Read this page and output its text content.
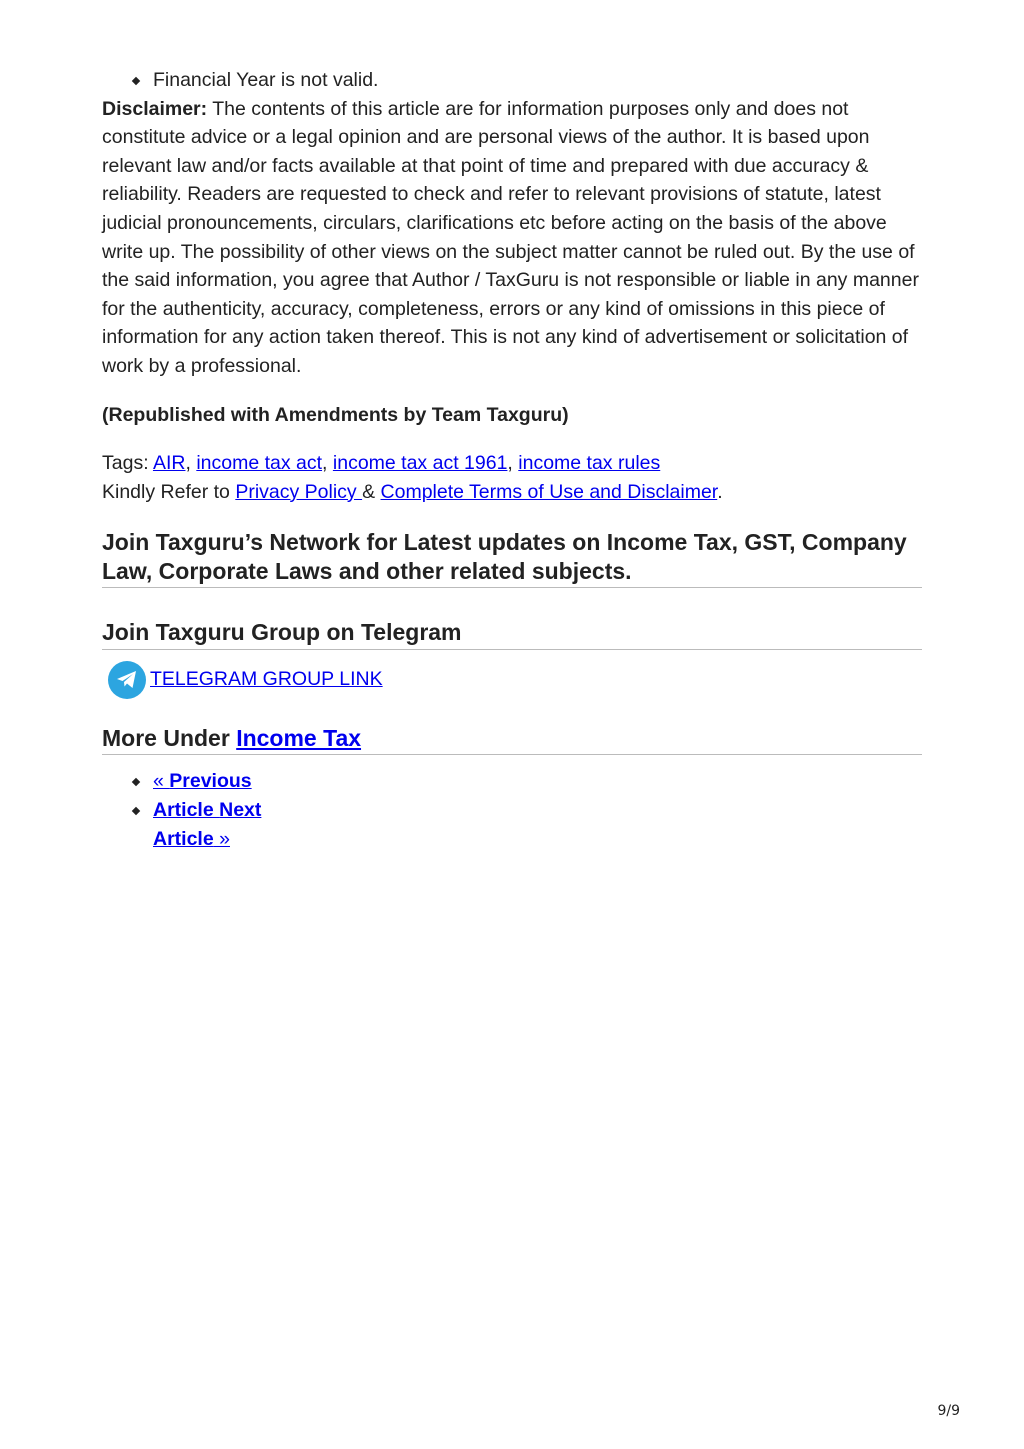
Financial Year is not valid.

Disclaimer: The contents of this article are for information purposes only and does not constitute advice or a legal opinion and are personal views of the author. It is based upon relevant law and/or facts available at that point of time and prepared with due accuracy & reliability. Readers are requested to check and refer to relevant provisions of statute, latest judicial pronouncements, circulars, clarifications etc before acting on the basis of the above write up. The possibility of other views on the subject matter cannot be ruled out. By the use of the said information, you agree that Author / TaxGuru is not responsible or liable in any manner for the authenticity, accuracy, completeness, errors or any kind of omissions in this piece of information for any action taken thereof. This is not any kind of advertisement or solicitation of work by a professional.

(Republished with Amendments by Team Taxguru)

Tags: AIR, income tax act, income tax act 1961, income tax rules
Kindly Refer to Privacy Policy & Complete Terms of Use and Disclaimer.
Join Taxguru’s Network for Latest updates on Income Tax, GST, Company Law, Corporate Laws and other related subjects.
Join Taxguru Group on Telegram
TELEGRAM GROUP LINK
More Under Income Tax
« Previous
Article Next
Article »
9/9
